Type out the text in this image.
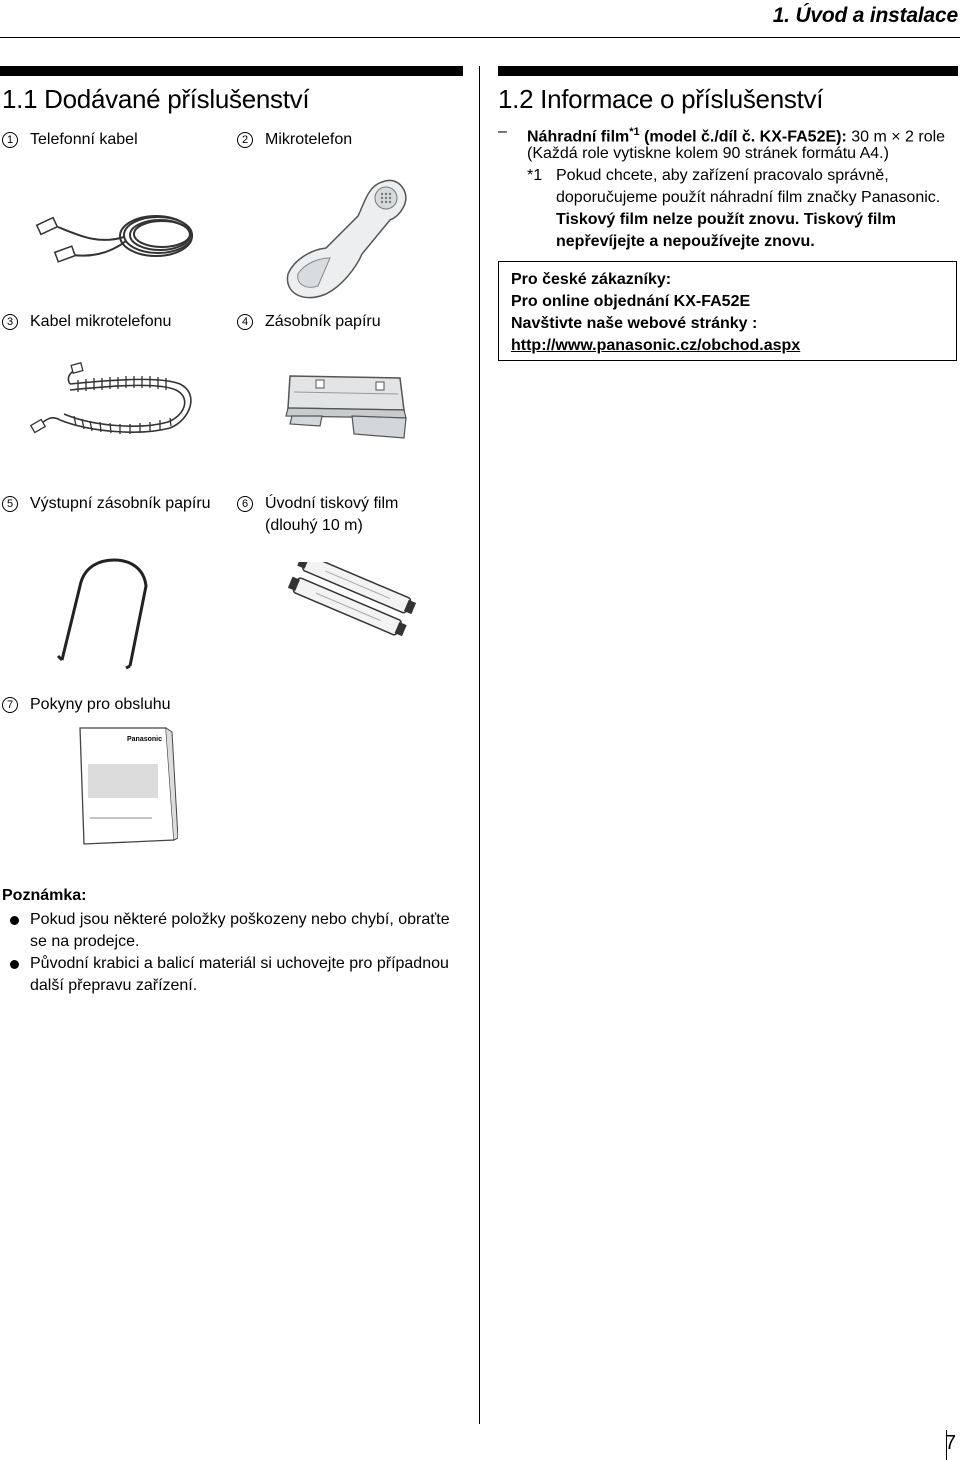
1. Úvod a instalace
1.1 Dodávané příslušenství
1	Telefonní kabel	2	Mikrotelefon
3	Kabel mikrotelefonu	4	Zásobník papíru
5	Výstupní zásobník papíru	6	Úvodní tiskový film
(dlouhý 10 m)
7	Pokyny pro obsluhu
Panasonic
Poznámka:
Pokud jsou některé položky poškozeny nebo chybí, obraťte se na prodejce.
Původní krabici a balicí materiál si uchovejte pro případnou další přepravu zařízení.
1.2 Informace o příslušenství
– Náhradní film$^{*1}$ (model č./díl č. KX-FA52E): 30 m × 2 role
(Každá role vytiskne kolem 90 stránek formátu A4.)
*1 Pokud chcete, aby zařízení pracovalo správně,
doporučujeme použít náhradní film značky Panasonic.
Tiskový film nelze použít znovu. Tiskový film
nepřevíjejte a nepoužívejte znovu.
Pro české zákazníky:
Pro online objednání KX-FA52E
Navštivte naše webové stránky :
http://www.panasonic.cz/obchod.aspx
7
